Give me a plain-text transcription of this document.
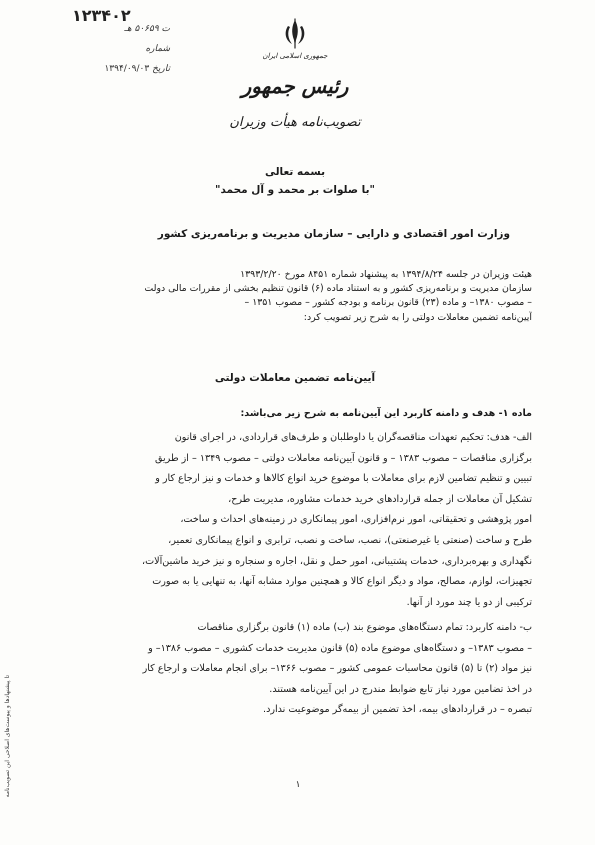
۱۲۳۴۰۲
ت ۵۰۶۵۹ هـ
شماره
تاریخ ۱۳۹۴/۰۹/۰۳
جمهوری اسلامی ایران
رئیس جمهور
تصویب‌نامه هیأت وزیران
بسمه تعالی
"با صلوات بر محمد و آل محمد"
وزارت امور اقتصادی و دارایی – سازمان مدیریت و برنامه‌ریزی کشور
هیئت وزیران در جلسه ۱۳۹۴/۸/۲۴ به پیشنهاد شماره ۸۴۵۱ مورخ ۱۳۹۳/۲/۲۰
سازمان مدیریت و برنامه‌ریزی کشور و به استناد ماده (۶) قانون تنظیم بخشی از مقررات مالی دولت
– مصوب ۱۳۸۰– و ماده (۲۳) قانون برنامه و بودجه کشور – مصوب ۱۳۵۱ –
آیین‌نامه تضمین معاملات دولتی را به شرح زیر تصویب کرد:
آیین‌نامه تضمین معاملات دولتی
ماده ۱- هدف و دامنه کاربرد این آیین‌نامه به شرح زیر می‌باشد:
الف- هدف: تحکیم تعهدات مناقصه‌گران یا داوطلبان و طرف‌های قراردادی، در اجرای قانون
برگزاری مناقصات – مصوب ۱۳۸۳ – و قانون آیین‌نامه معاملات دولتی – مصوب ۱۳۴۹ – از طریق
تبیین و تنظیم تضامین لازم برای معاملات با موضوع خرید انواع کالاها و خدمات و نیز ارجاع کار و
تشکیل آن معاملات از جمله قراردادهای خرید خدمات مشاوره، مدیریت طرح،
امور پژوهشی و تحقیقاتی، امور نرم‌افزاری، امور پیمانکاری در زمینه‌های احداث و ساخت،
طرح و ساخت (صنعتی یا غیرصنعتی)، نصب، ساخت و نصب، ترابری و انواع پیمانکاری تعمیر،
نگهداری و بهره‌برداری، خدمات پشتیبانی، امور حمل و نقل، اجاره و سنجاره و نیز خرید ماشین‌آلات،
تجهیزات، لوازم، مصالح، مواد و دیگر انواع کالا و همچنین موارد مشابه آنها، به تنهایی یا به صورت
ترکیبی از دو یا چند مورد از آنها.
ب- دامنه کاربرد: تمام دستگاه‌های موضوع بند (ب) ماده (۱) قانون برگزاری مناقصات
– مصوب ۱۳۸۳– و دستگاه‌های موضوع ماده (۵) قانون مدیریت خدمات کشوری – مصوب ۱۳۸۶– و
نیز مواد (۲) تا (۵) قانون محاسبات عمومی کشور – مصوب ۱۳۶۶– برای انجام معاملات و ارجاع کار
در اخذ تضامین مورد نیاز تابع ضوابط مندرج در این آیین‌نامه هستند.
تبصره – در قراردادهای بیمه، اخذ تضمین از بیمه‌گر موضوعیت ندارد.
۱
تا پیشنهادها و پیوست‌های اصلاحی این تصویب‌نامه
